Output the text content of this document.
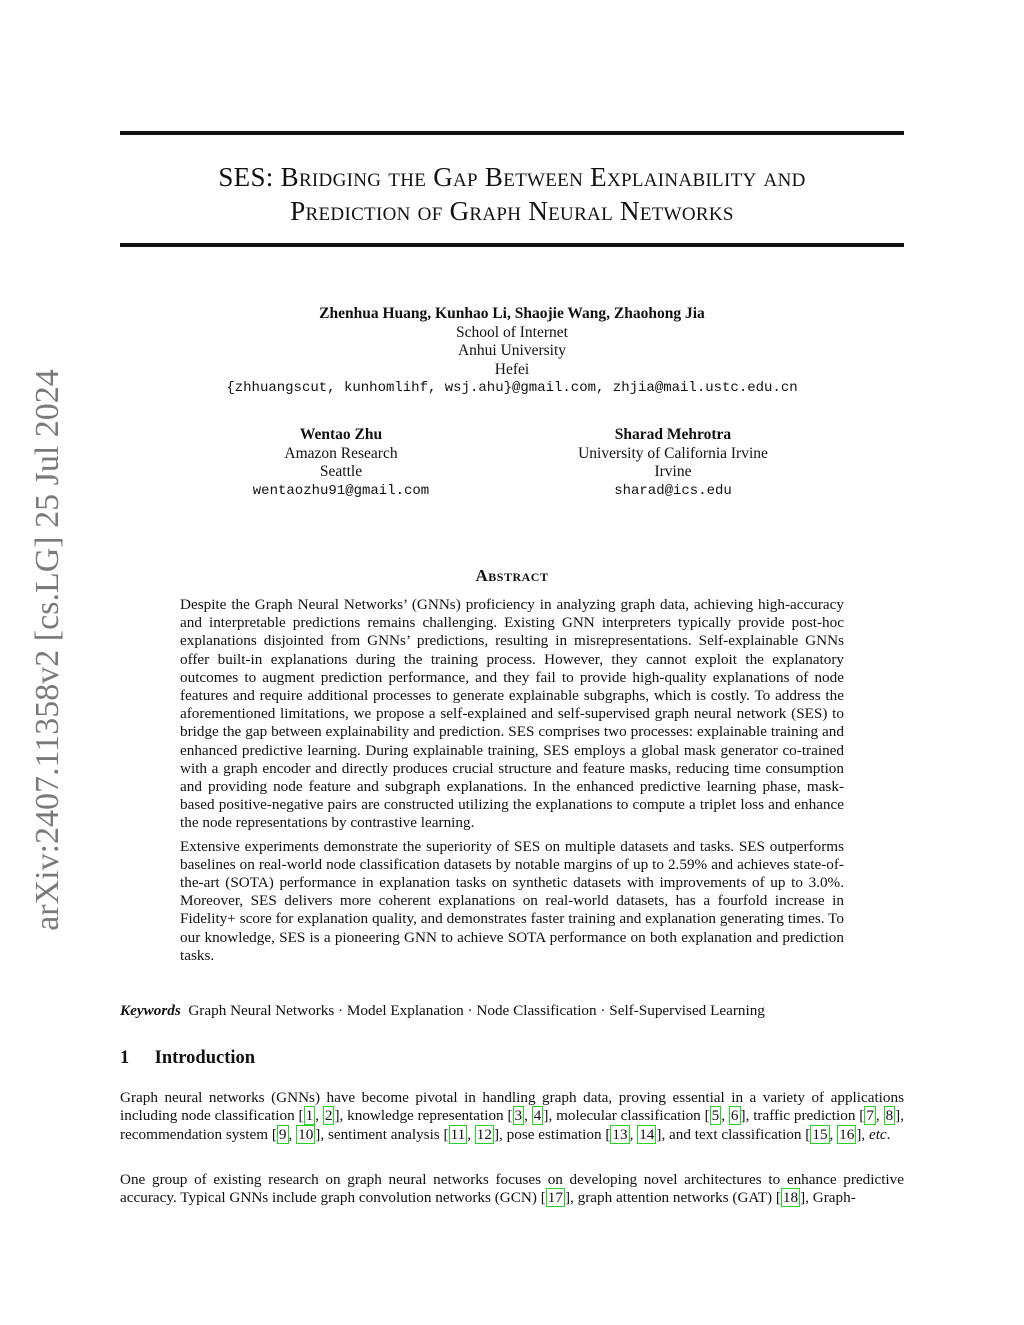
SES: Bridging the Gap Between Explainability and
Prediction of Graph Neural Networks
arXiv:2407.11358v2 [cs.LG] 25 Jul 2024
Zhenhua Huang, Kunhao Li, Shaojie Wang, Zhaohong Jia
School of Internet
Anhui University
Hefei
{zhhuangscut, kunhomlihf, wsj.ahu}@gmail.com, zhjia@mail.ustc.edu.cn
Wentao Zhu
Amazon Research
Seattle
wentaozhu91@gmail.com
Sharad Mehrotra
University of California Irvine
Irvine
sharad@ics.edu
Abstract

Despite the Graph Neural Networks’ (GNNs) proficiency in analyzing graph data, achieving high-accuracy and interpretable predictions remains challenging. Existing GNN interpreters typically provide post-hoc explanations disjointed from GNNs’ predictions, resulting in misrepresentations. Self-explainable GNNs offer built-in explanations during the training process. However, they cannot exploit the explanatory outcomes to augment prediction performance, and they fail to provide high-quality explanations of node features and require additional processes to generate explainable subgraphs, which is costly. To address the aforementioned limitations, we propose a self-explained and self-supervised graph neural network (SES) to bridge the gap between explainability and prediction. SES comprises two processes: explainable training and enhanced predictive learning. During explainable training, SES employs a global mask generator co-trained with a graph encoder and directly produces crucial structure and feature masks, reducing time consumption and providing node feature and subgraph explanations. In the enhanced predictive learning phase, mask-based positive-negative pairs are constructed utilizing the explanations to compute a triplet loss and enhance the node representations by contrastive learning.

Extensive experiments demonstrate the superiority of SES on multiple datasets and tasks. SES outperforms baselines on real-world node classification datasets by notable margins of up to 2.59% and achieves state-of-the-art (SOTA) performance in explanation tasks on synthetic datasets with improvements of up to 3.0%. Moreover, SES delivers more coherent explanations on real-world datasets, has a fourfold increase in Fidelity+ score for explanation quality, and demonstrates faster training and explanation generating times. To our knowledge, SES is a pioneering GNN to achieve SOTA performance on both explanation and prediction tasks.

Keywords Graph Neural Networks · Model Explanation · Node Classification · Self-Supervised Learning
1 Introduction

Graph neural networks (GNNs) have become pivotal in handling graph data, proving essential in a variety of applications including node classification [ 1 , 2 ], knowledge representation [ 3 , 4 ], molecular classification [ 5 , 6 ], traffic prediction [ 7 , 8 ], recommendation system [ 9 , 10 ], sentiment analysis [ 11 , 12 ], pose estimation [ 13 , 14 ], and text classification [ 15 , 16 ], etc.

One group of existing research on graph neural networks focuses on developing novel architectures to enhance predictive accuracy. Typical GNNs include graph convolution networks (GCN) [ 17 ], graph attention networks (GAT) [ 18 ], Graph-
